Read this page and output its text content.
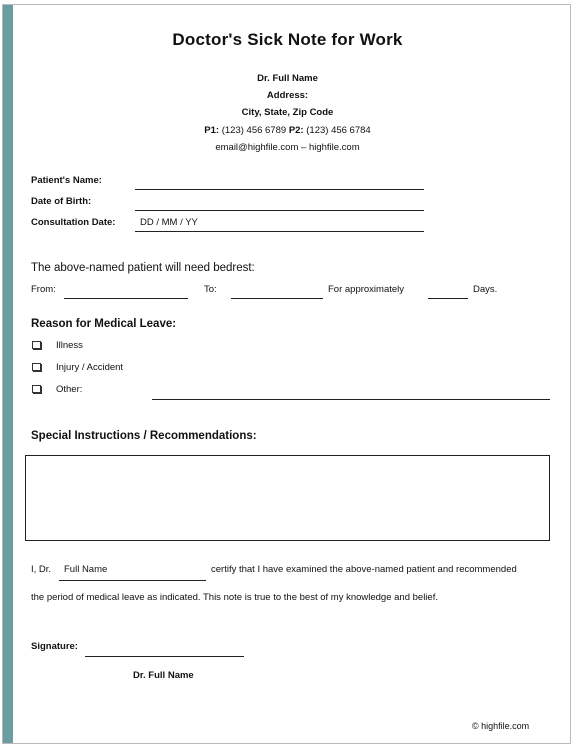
Doctor's Sick Note for Work
Dr. Full Name
Address:
City, State, Zip Code
P1: (123) 456 6789 P2: (123) 456 6784
email@highfile.com – highfile.com
Patient's Name:
Date of Birth:
Consultation Date:	DD / MM / YY
The above-named patient will need bedrest:
From:	To:	For approximately	Days.
Reason for Medical Leave:
Illness
Injury / Accident
Other:
Special Instructions / Recommendations:
I, Dr. Full Name	certify that I have examined the above-named patient and recommended
the period of medical leave as indicated. This note is true to the best of my knowledge and belief.
Signature:
Dr. Full Name
© highfile.com
